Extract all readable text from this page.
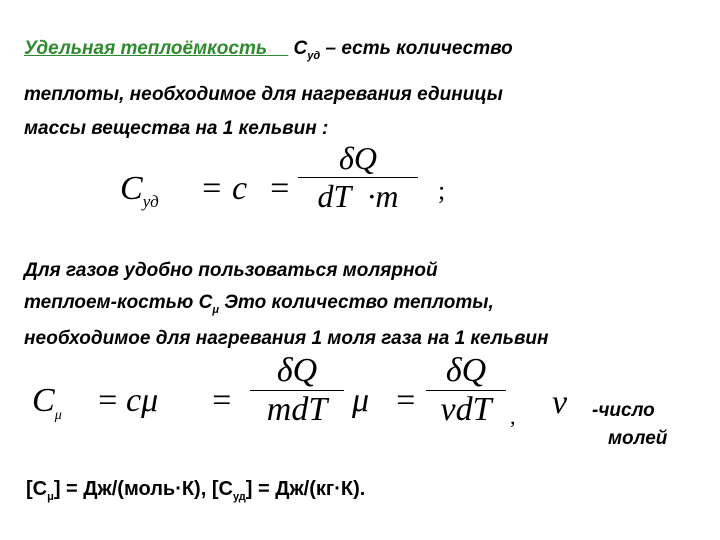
Удельная теплоёмкость $C_{уд}$ – есть количество
теплоты, необходимое для нагревания единицы
массы вещества на 1 кельвин :
$C_{уд} = c$ =
δQ
dT ·m	;
Для газов удобно пользоваться молярной
теплоем-костью $C_\mu$ Это количество теплоты,
необходимое для нагревания 1 моля газа на 1 кельвин
$C_\mu = c\mu$ =
δQ
mdT μ =
δQ
νdT , ν -число
молей
$[C_\mu]$ = Дж/(моль·К), $[C_{уд}] = Дж/(кг\cdot К)$.
